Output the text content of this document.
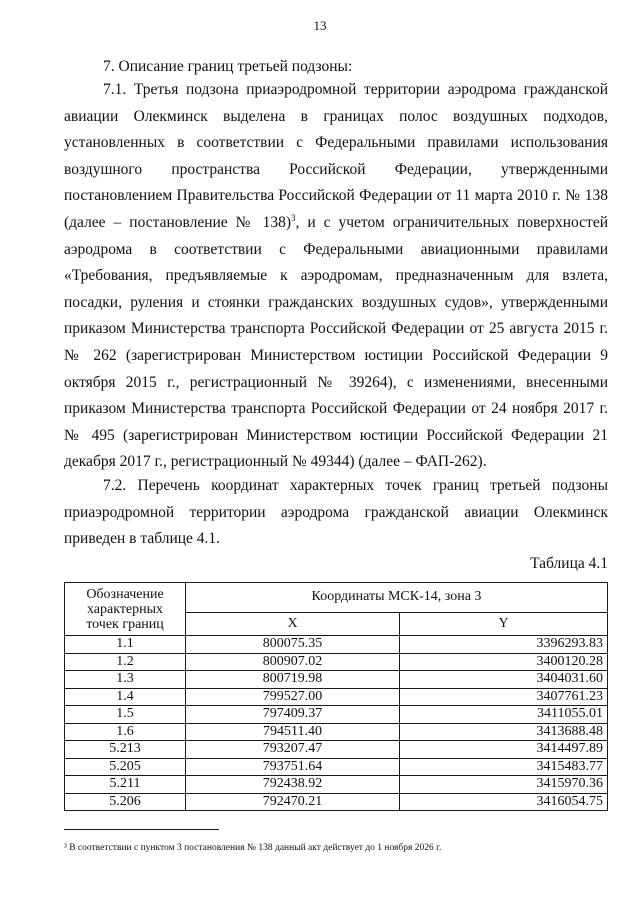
13
7. Описание границ третьей подзоны:

7.1. Третья подзона приаэродромной территории аэродрома гражданской авиации Олекминск выделена в границах полос воздушных подходов, установленных в соответствии с Федеральными правилами использования воздушного пространства Российской Федерации, утвержденными постановлением Правительства Российской Федерации от 11 марта 2010 г. № 138 (далее – постановление № 138)$^3$, и с учетом ограничительных поверхностей аэродрома в соответствии с Федеральными авиационными правилами «Требования, предъявляемые к аэродромам, предназначенным для взлета, посадки, руления и стоянки гражданских воздушных судов», утвержденными приказом Министерства транспорта Российской Федерации от 25 августа 2015 г. № 262 (зарегистрирован Министерством юстиции Российской Федерации 9 октября 2015 г., регистрационный № 39264), с изменениями, внесенными приказом Министерства транспорта Российской Федерации от 24 ноября 2017 г. № 495 (зарегистрирован Министерством юстиции Российской Федерации 21 декабря 2017 г., регистрационный № 49344) (далее – ФАП-262).

7.2. Перечень координат характерных точек границ третьей подзоны приаэродромной территории аэродрома гражданской авиации Олекминск приведен в таблице 4.1.

Таблица 4.1
Обозначение характерных точек границ	Координаты МСК-14, зона 3	
	X	Y
1.1	800075.35	3396293.83
1.2	800907.02	3400120.28
1.3	800719.98	3404031.60
1.4	799527.00	3407761.23
1.5	797409.37	3411055.01
1.6	794511.40	3413688.48
5.213	793207.47	3414497.89
5.205	793751.64	3415483.77
5.211	792438.92	3415970.36
5.206	792470.21	3416054.75
³ В соответствии с пунктом 3 постановления № 138 данный акт действует до 1 ноября 2026 г.
